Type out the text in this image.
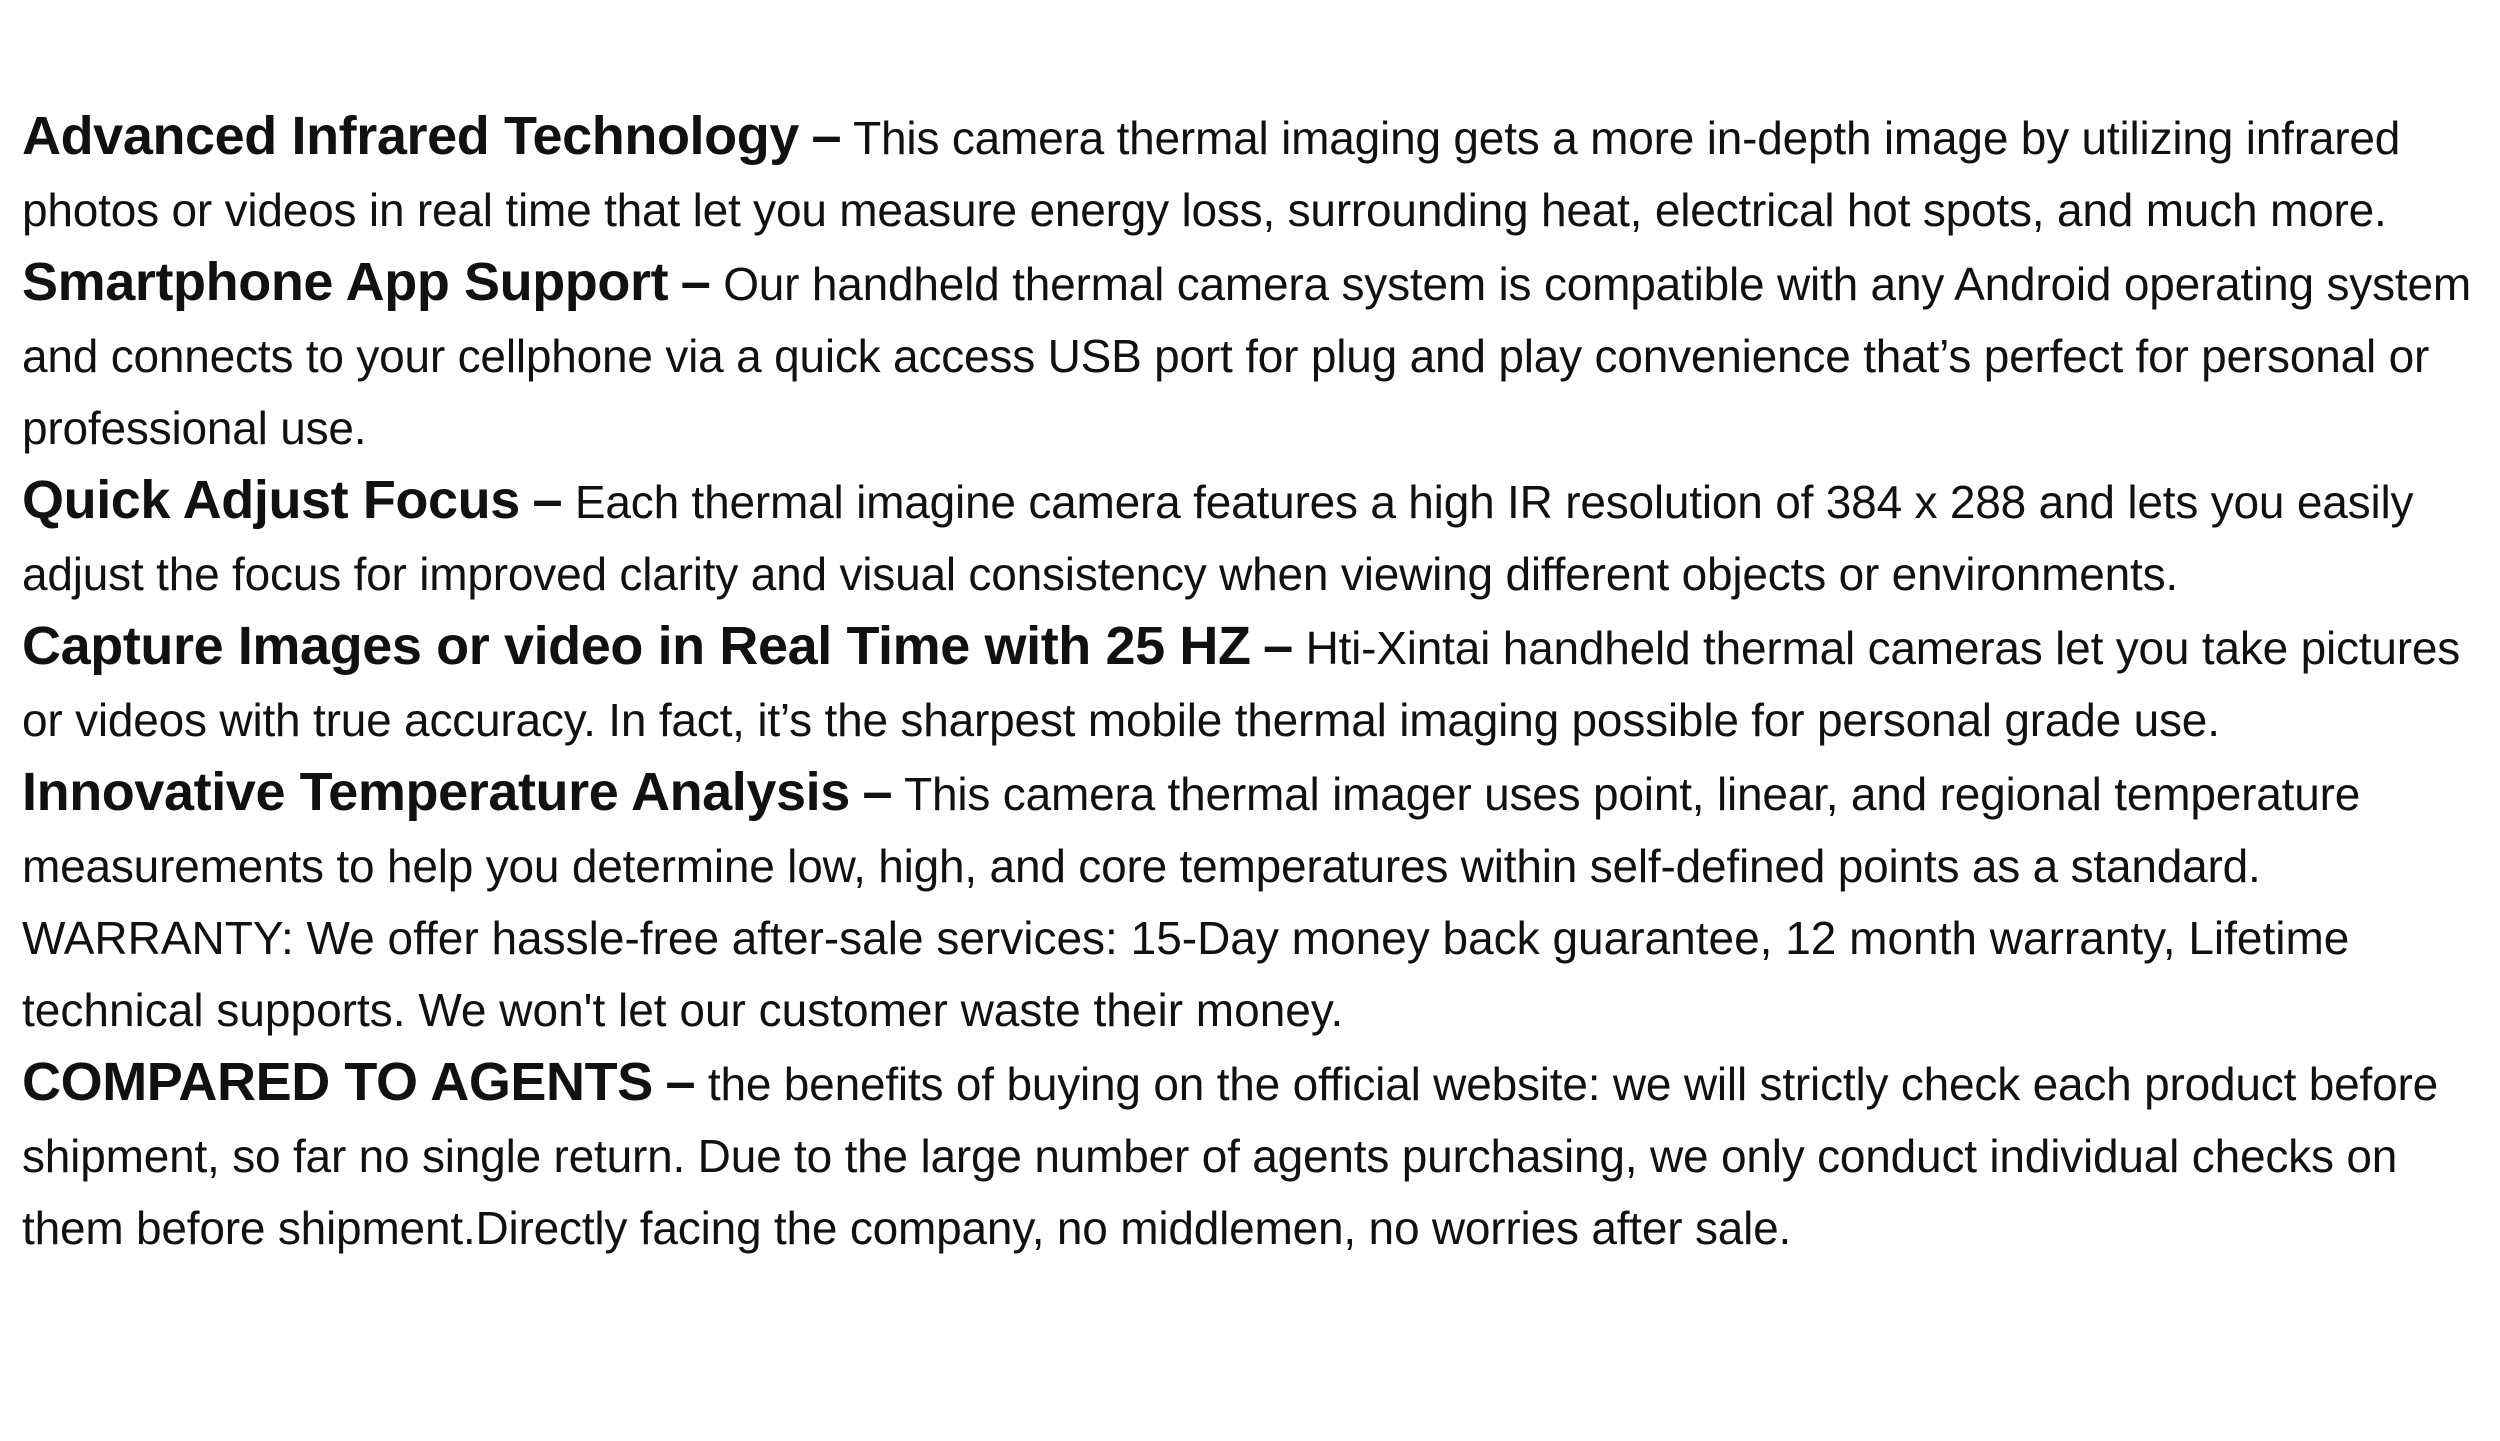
Advanced Infrared Technology – This camera thermal imaging gets a more in-depth image by utilizing infrared photos or videos in real time that let you measure energy loss, surrounding heat, electrical hot spots, and much more.

Smartphone App Support – Our handheld thermal camera system is compatible with any Android operating system and connects to your cellphone via a quick access USB port for plug and play convenience that’s perfect for personal or professional use.

Quick Adjust Focus – Each thermal imagine camera features a high IR resolution of 384 x 288 and lets you easily adjust the focus for improved clarity and visual consistency when viewing different objects or environments.

Capture Images or video in Real Time with 25 HZ – Hti-Xintai handheld thermal cameras let you take pictures or videos with true accuracy. In fact, it’s the sharpest mobile thermal imaging possible for personal grade use.

Innovative Temperature Analysis – This camera thermal imager uses point, linear, and regional temperature measurements to help you determine low, high, and core temperatures within self-defined points as a standard.

WARRANTY: We offer hassle-free after-sale services: 15-Day money back guarantee, 12 month warranty, Lifetime technical supports. We won't let our customer waste their money.

COMPARED TO AGENTS – the benefits of buying on the official website: we will strictly check each product before shipment, so far no single return. Due to the large number of agents purchasing, we only conduct individual checks on them before shipment.Directly facing the company, no middlemen, no worries after sale.
